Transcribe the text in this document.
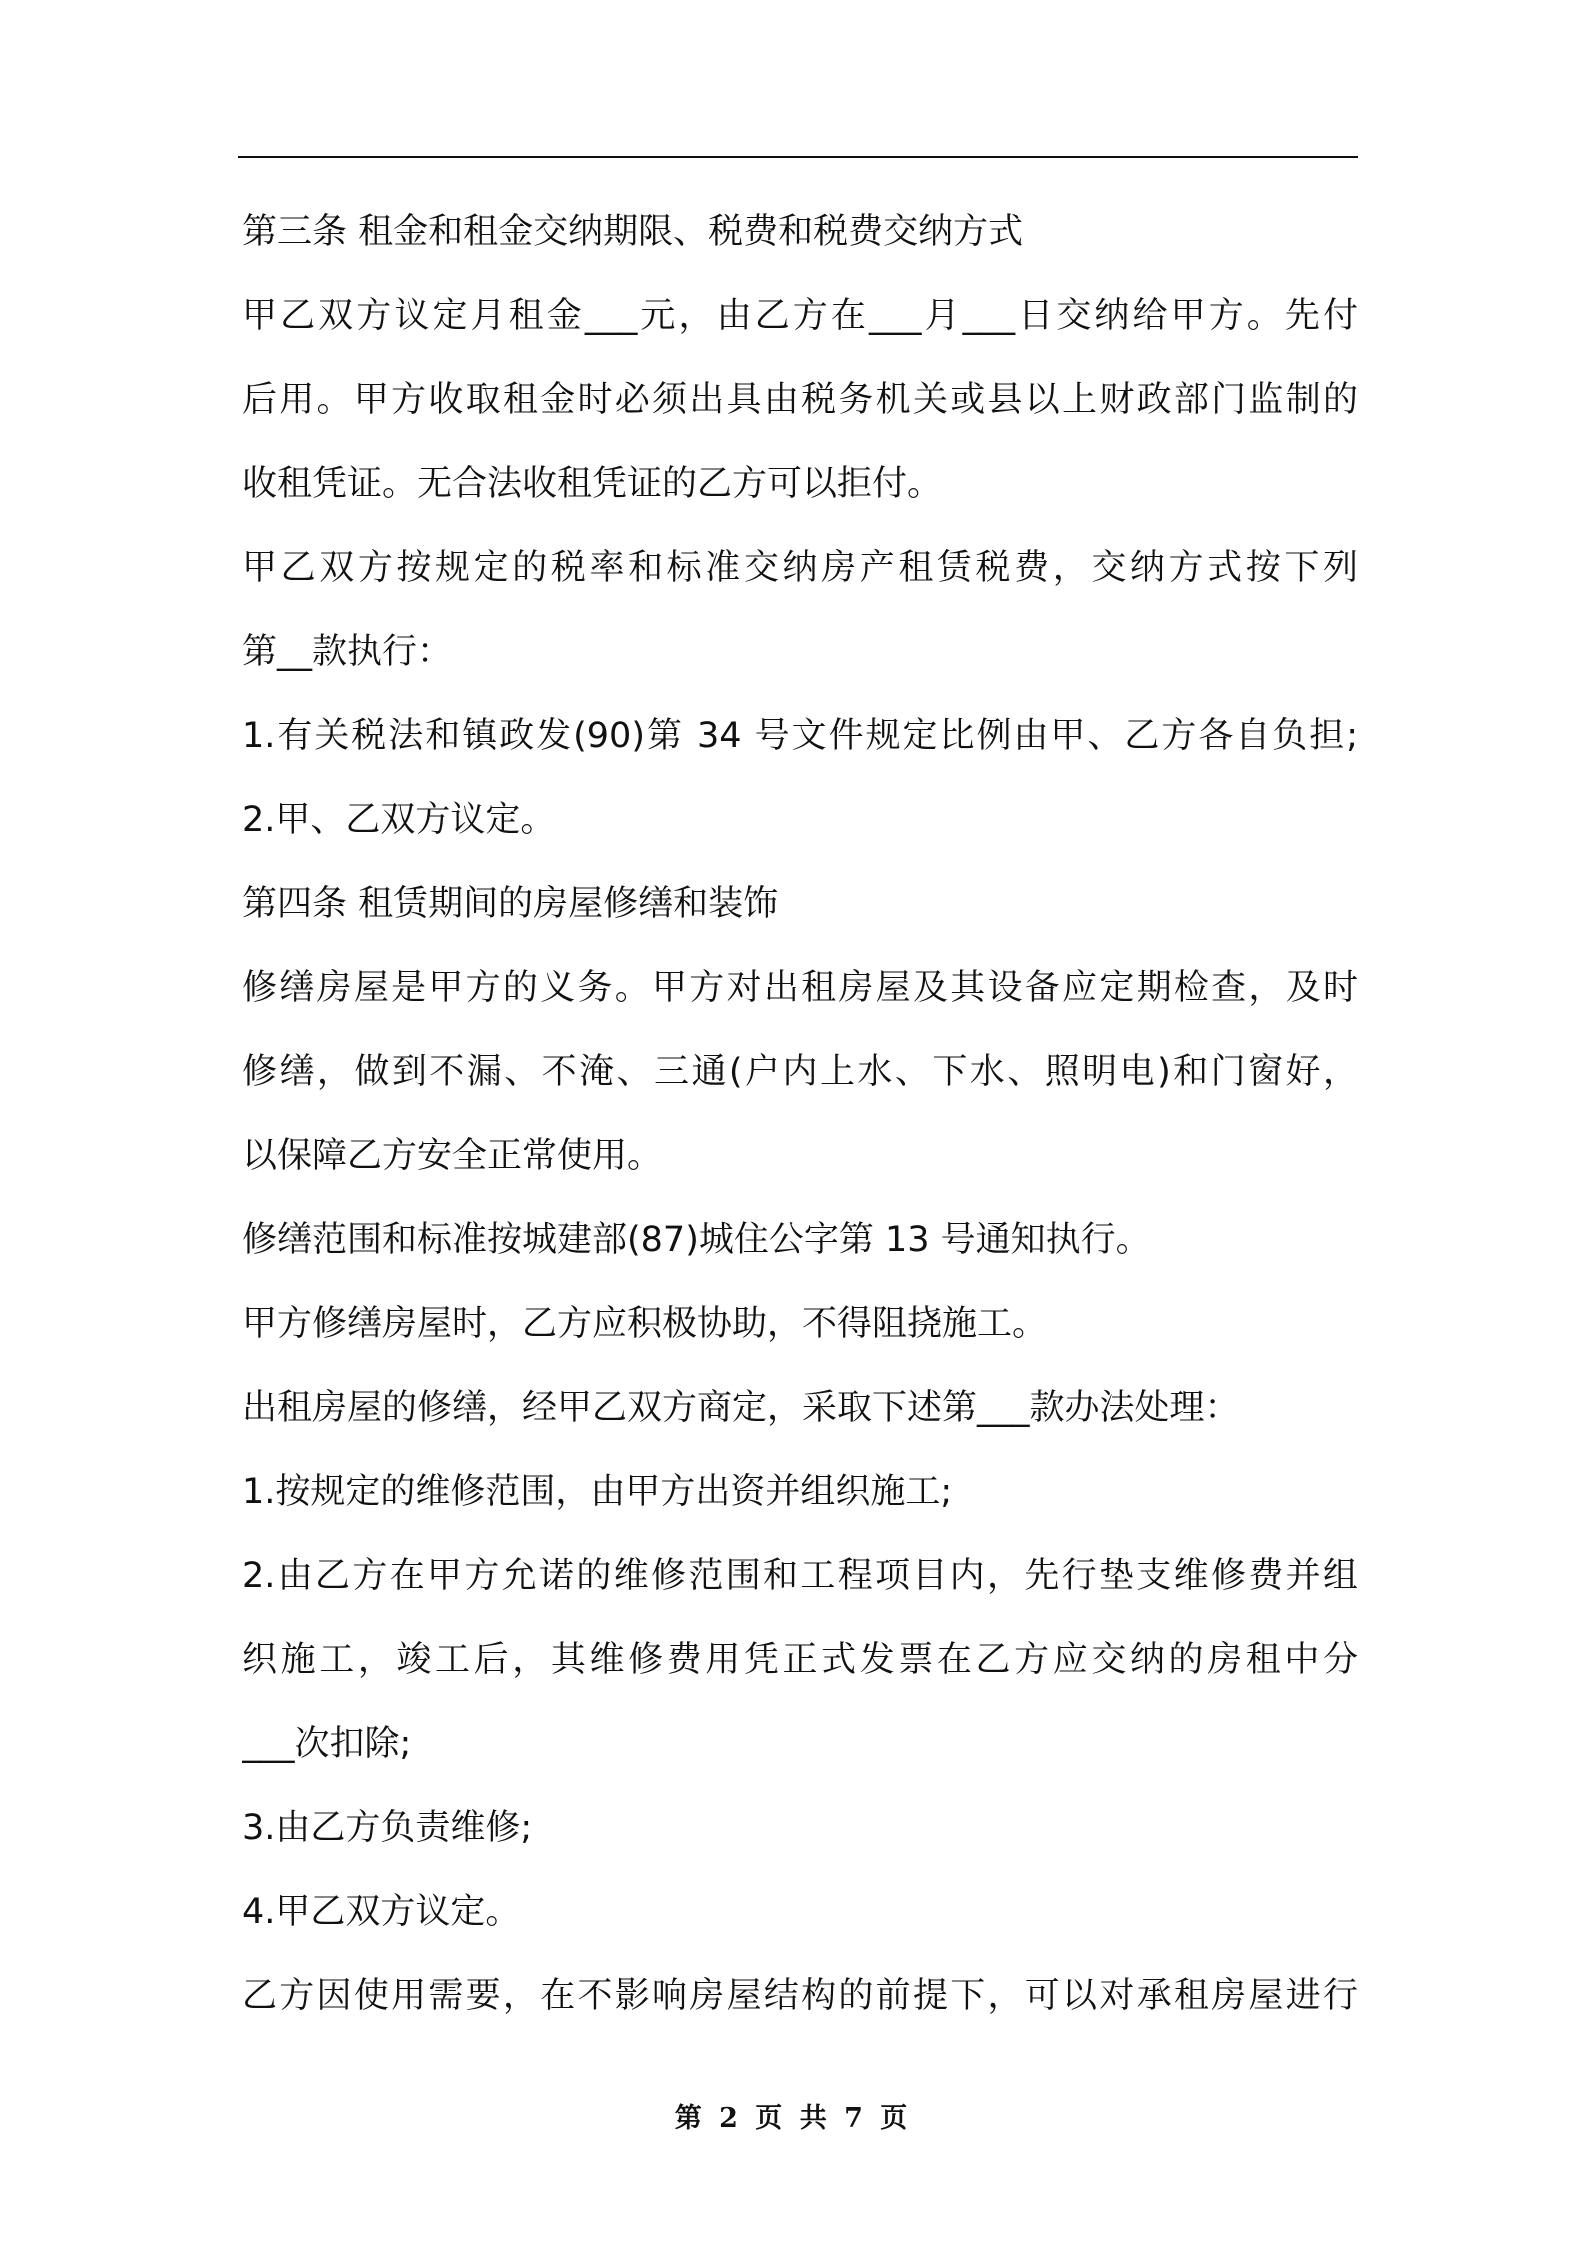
第三条 租金和租金交纳期限、税费和税费交纳方式
甲乙双方议定月租金___元，由乙方在___月___日交纳给甲方。先付
后用。甲方收取租金时必须出具由税务机关或县以上财政部门监制的
收租凭证。无合法收租凭证的乙方可以拒付。
甲乙双方按规定的税率和标准交纳房产租赁税费，交纳方式按下列
第__款执行：
1.有关税法和镇政发(90)第 34 号文件规定比例由甲、乙方各自负担;
2.甲、乙双方议定。
第四条 租赁期间的房屋修缮和装饰
修缮房屋是甲方的义务。甲方对出租房屋及其设备应定期检查，及时
修缮，做到不漏、不淹、三通(户内上水、下水、照明电)和门窗好，
以保障乙方安全正常使用。
修缮范围和标准按城建部(87)城住公字第 13 号通知执行。
甲方修缮房屋时，乙方应积极协助，不得阻挠施工。
出租房屋的修缮，经甲乙双方商定，采取下述第___款办法处理：
1.按规定的维修范围，由甲方出资并组织施工;
2.由乙方在甲方允诺的维修范围和工程项目内，先行垫支维修费并组
织施工，竣工后，其维修费用凭正式发票在乙方应交纳的房租中分
___次扣除;
3.由乙方负责维修;
4.甲乙双方议定。
乙方因使用需要，在不影响房屋结构的前提下，可以对承租房屋进行
第 2 页 共 7 页
